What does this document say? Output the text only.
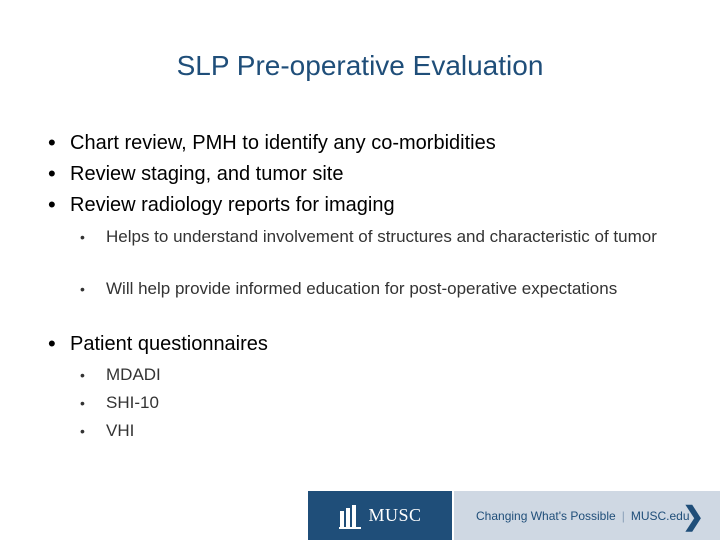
SLP Pre-operative Evaluation
• Chart review, PMH to identify any co-morbidities
• Review staging, and tumor site
• Review radiology reports for imaging
•	Helps to understand involvement of structures and characteristic of tumor
•	Will help provide informed education for post-operative expectations
• Patient questionnaires
•	MDADI
•	SHI-10
•	VHI
MUSC	Changing What's Possible | MUSC.edu
❯
